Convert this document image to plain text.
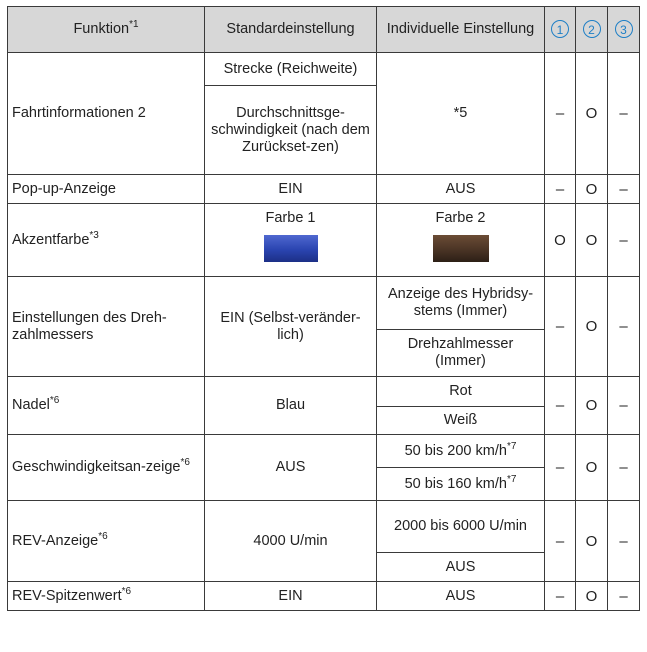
Funktion$^{*1}$	Standardeinstellung	Individuelle Einstellung	1	2	3
Fahrtinformationen 2	Strecke (Reichweite)	*5	–	O	–
	Durchschnittsge-schwindigkeit (nach dem Zurückset-zen)				
Pop-up-Anzeige	EIN	AUS	–	O	–
Akzentfarbe$^{*3}$	Farbe 1	Farbe 2	O	O	–
Einstellungen des Dreh-zahlmessers	EIN (Selbst-veränder-lich)	Anzeige des Hybridsy-stems (Immer)	–	O	–
		Drehzahlmesser (Immer)			
Nadel$^{*6}$	Blau	Rot	–	O	–
		Weiß			
Geschwindigkeitsan-zeige$^{*6}$	AUS	50 bis 200 $km/h^{*7}$	–	O	–
		50 bis 160 $km/h^{*7}$
REV-Anzeige$^{*6}$	4000 U/min	2000 bis 6000 U/min	–	O	–
		AUS			
REV-Spitzenwert$^{*6}$	EIN	AUS	–	O	–
